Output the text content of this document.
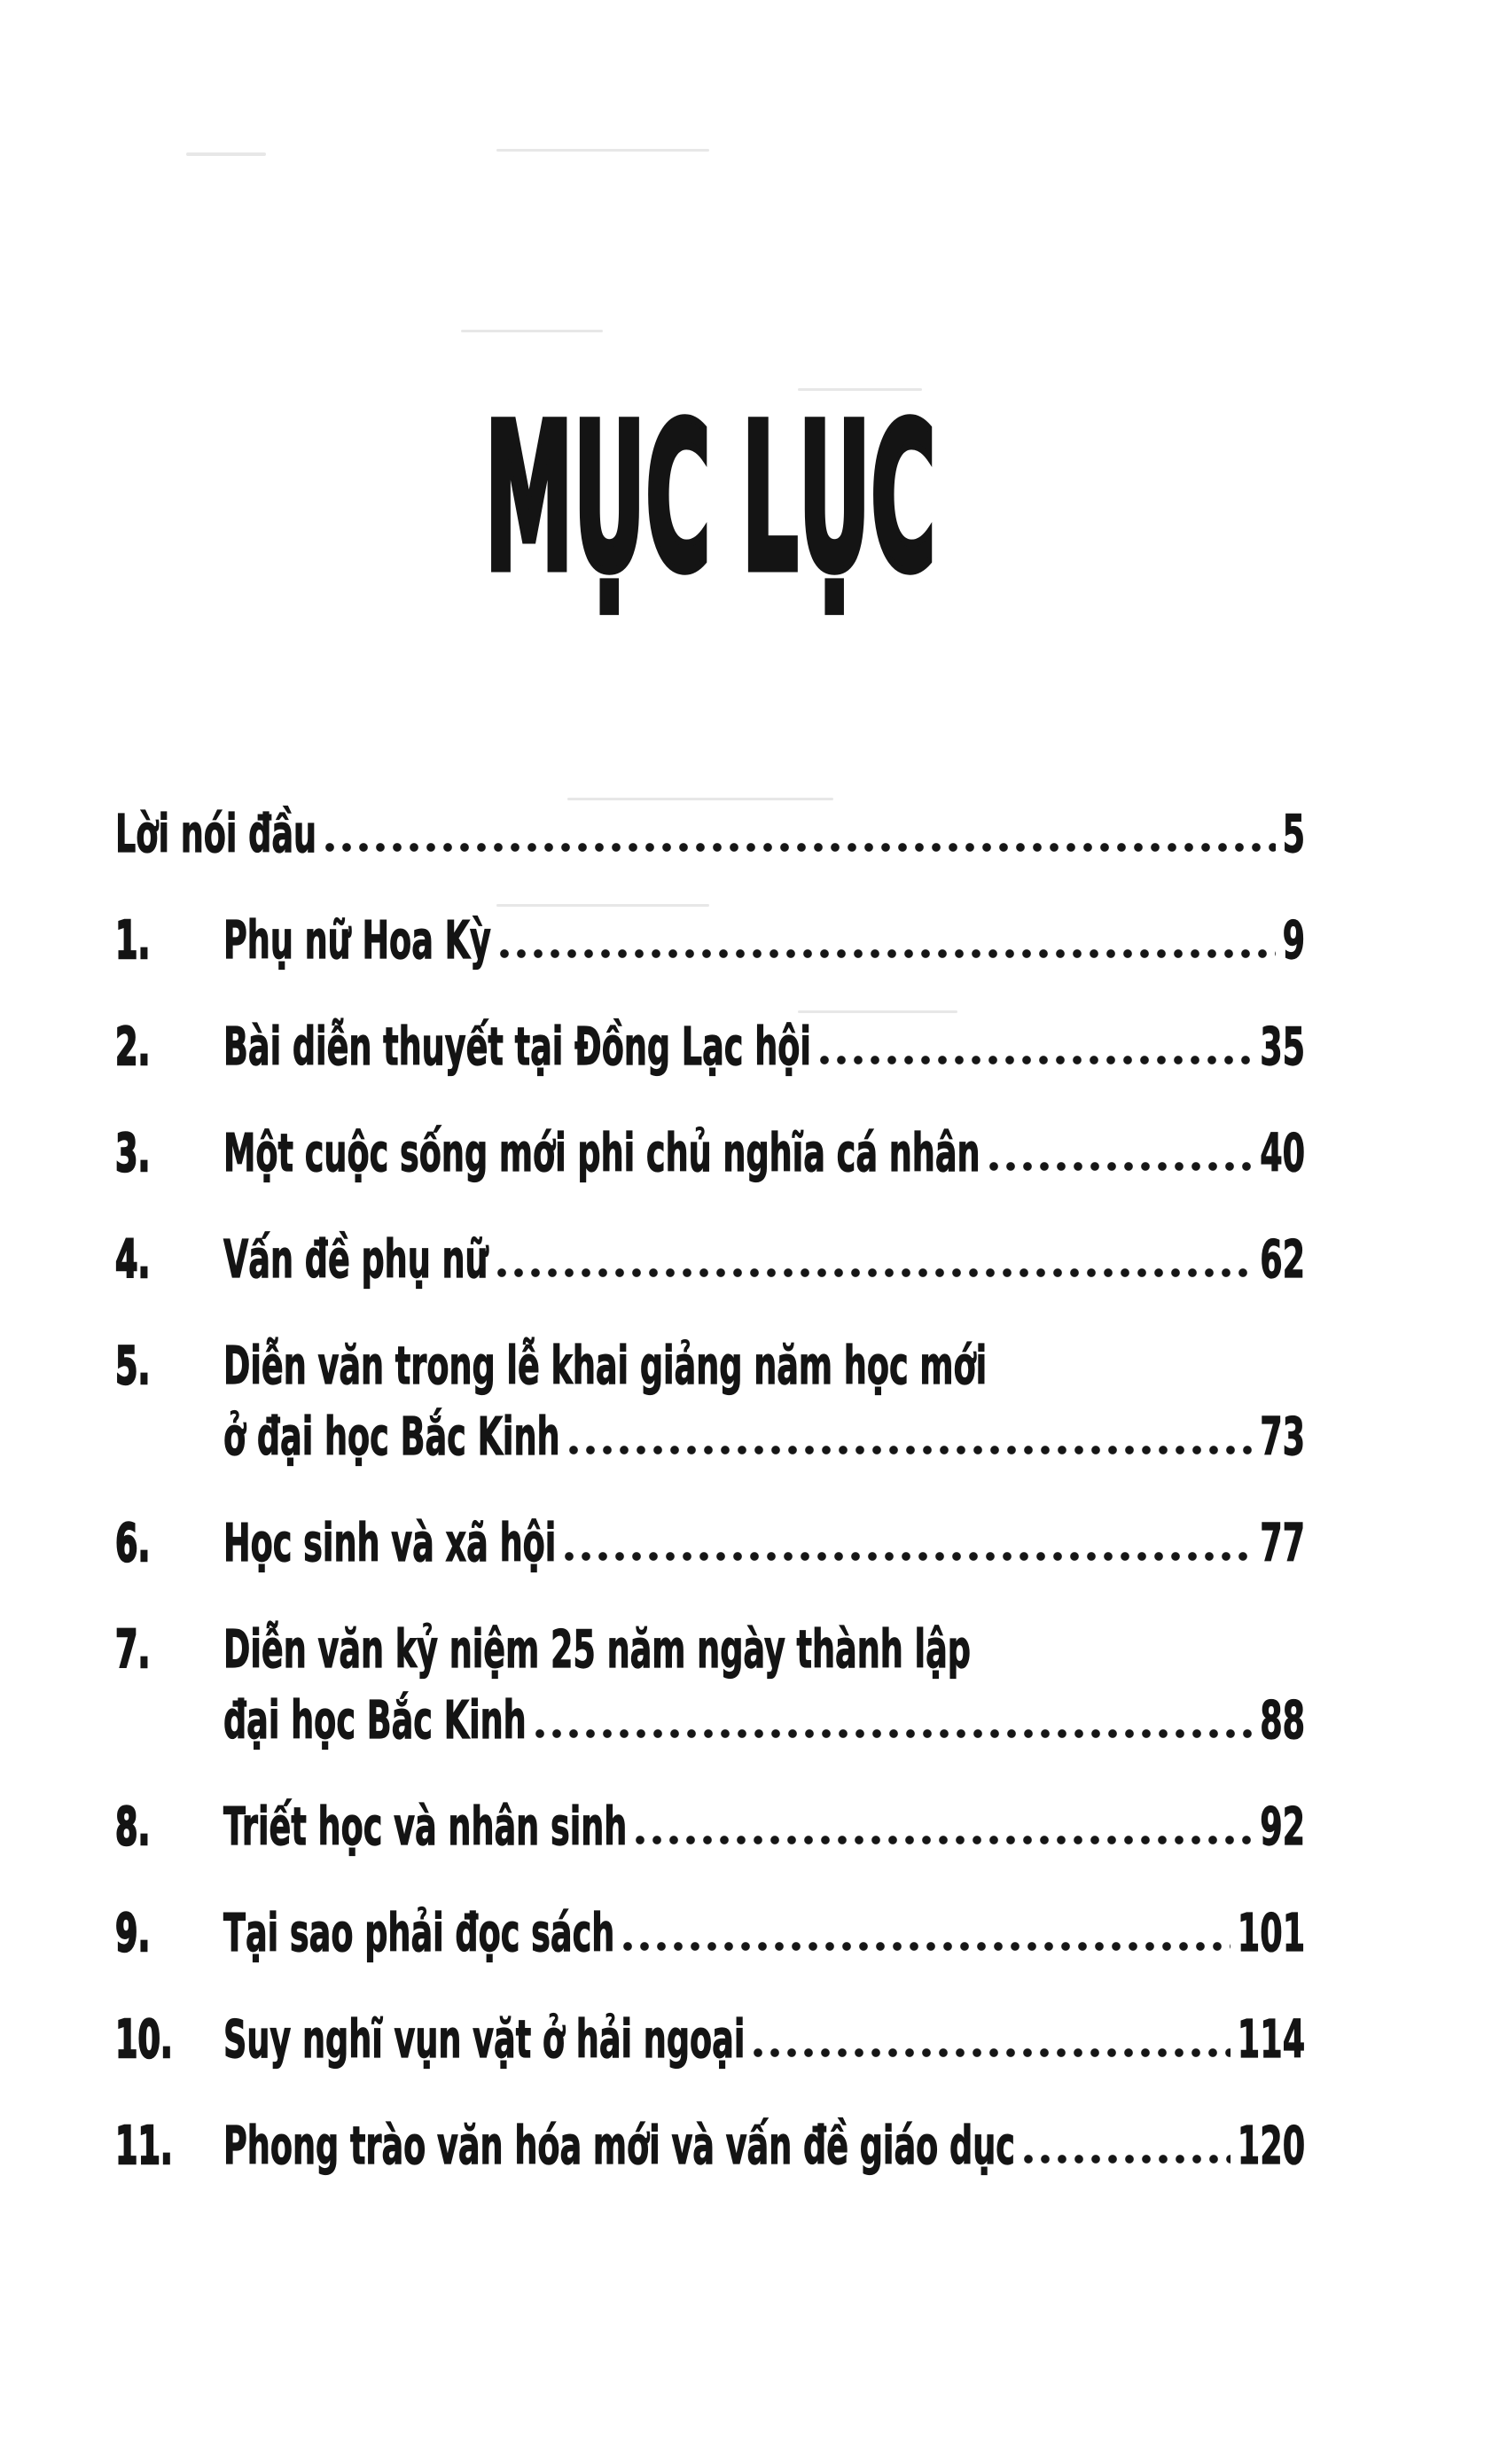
MỤC LỤC
Lời nói đầu	5
1.	Phụ nữ Hoa Kỳ	9
2.	Bài diễn thuyết tại Đồng Lạc hội	35
3.	Một cuộc sống mới phi chủ nghĩa cá nhân	40
4.	Vấn đề phụ nữ	62
5.	Diễn văn trong lễ khai giảng năm học mới
ở đại học Bắc Kinh	73
6.	Học sinh và xã hội	77
7.	Diễn văn kỷ niệm 25 năm ngày thành lập
đại học Bắc Kinh	88
8.	Triết học và nhân sinh	92
9.	Tại sao phải đọc sách	101
10. Suy nghĩ vụn vặt ở hải ngoại	114
11. Phong trào văn hóa mới và vấn đề giáo dục	120
